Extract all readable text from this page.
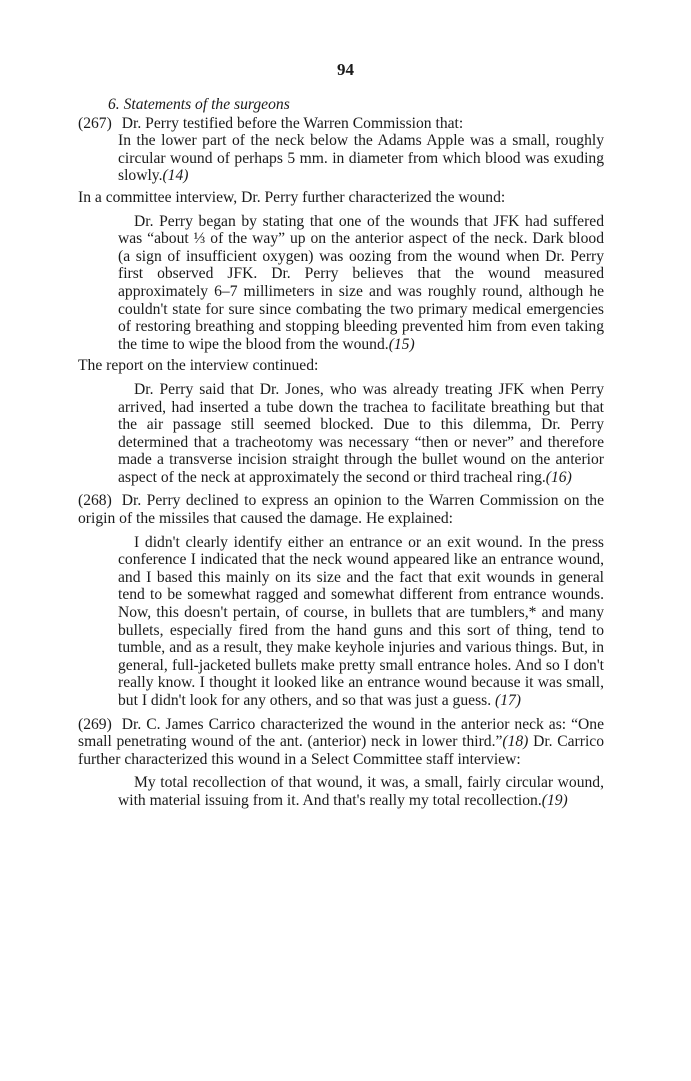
94

6. Statements of the surgeons

(267) Dr. Perry testified before the Warren Commission that:

In the lower part of the neck below the Adams Apple was a small, roughly circular wound of perhaps 5 mm. in diameter from which blood was exuding slowly.(14)

In a committee interview, Dr. Perry further characterized the wound:

Dr. Perry began by stating that one of the wounds that JFK had suffered was “about ⅓ of the way” up on the anterior aspect of the neck. Dark blood (a sign of insufficient oxygen) was oozing from the wound when Dr. Perry first observed JFK. Dr. Perry believes that the wound measured approximately 6–7 millimeters in size and was roughly round, although he couldn't state for sure since combating the two primary medical emergencies of restoring breathing and stopping bleeding prevented him from even taking the time to wipe the blood from the wound.(15)

The report on the interview continued:

Dr. Perry said that Dr. Jones, who was already treating JFK when Perry arrived, had inserted a tube down the trachea to facilitate breathing but that the air passage still seemed blocked. Due to this dilemma, Dr. Perry determined that a tracheotomy was necessary “then or never” and therefore made a transverse incision straight through the bullet wound on the anterior aspect of the neck at approximately the second or third tracheal ring.(16)

(268) Dr. Perry declined to express an opinion to the Warren Commission on the origin of the missiles that caused the damage. He explained:

I didn't clearly identify either an entrance or an exit wound. In the press conference I indicated that the neck wound appeared like an entrance wound, and I based this mainly on its size and the fact that exit wounds in general tend to be somewhat ragged and somewhat different from entrance wounds. Now, this doesn't pertain, of course, in bullets that are tumblers,* and many bullets, especially fired from the hand guns and this sort of thing, tend to tumble, and as a result, they make keyhole injuries and various things. But, in general, full-jacketed bullets make pretty small entrance holes. And so I don't really know. I thought it looked like an entrance wound because it was small, but I didn't look for any others, and so that was just a guess. (17)

(269) Dr. C. James Carrico characterized the wound in the anterior neck as: “One small penetrating wound of the ant. (anterior) neck in lower third.”(18) Dr. Carrico further characterized this wound in a Select Committee staff interview:

My total recollection of that wound, it was, a small, fairly circular wound, with material issuing from it. And that's really my total recollection.(19)
